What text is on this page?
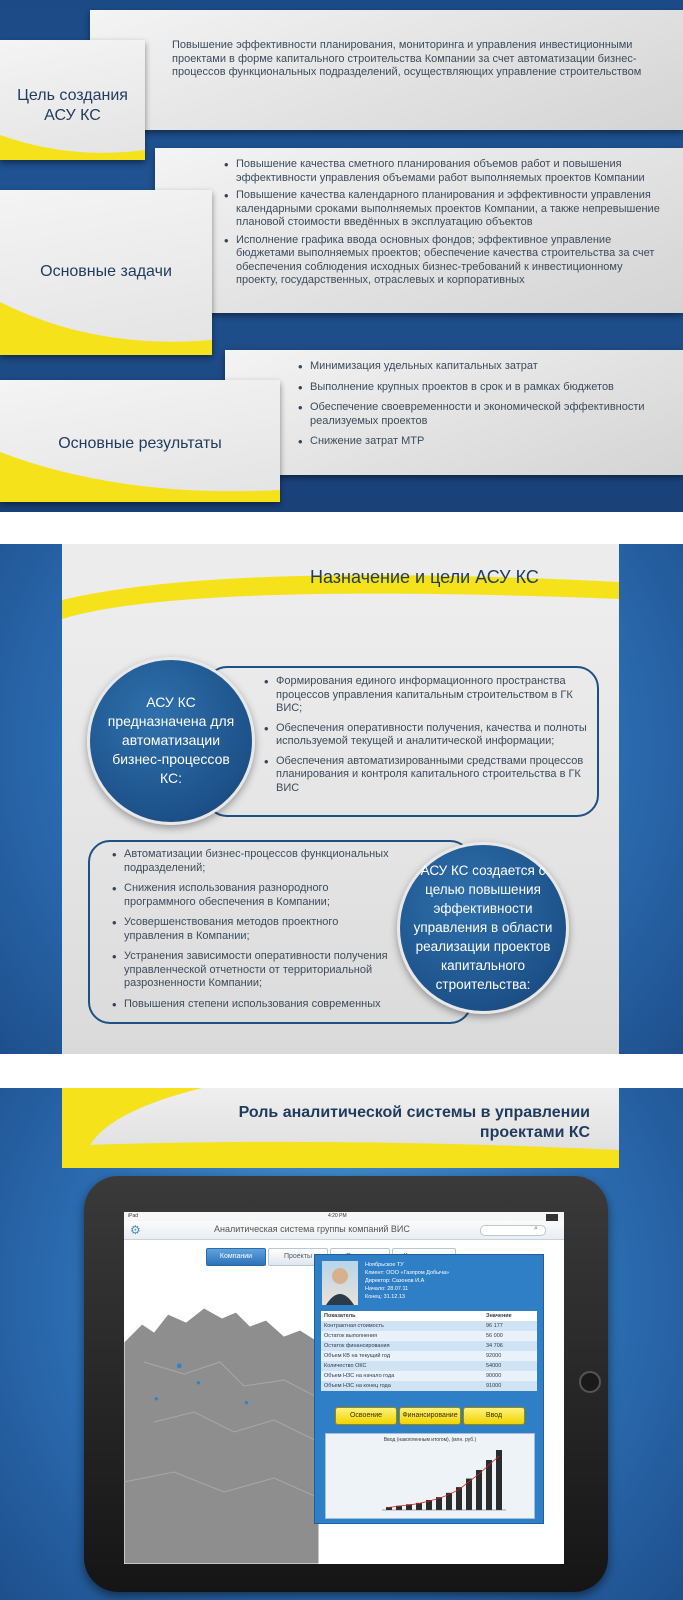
Повышение эффективности планирования, мониторинга и управления инвестиционными проектами в форме капитального строительства Компании за счет автоматизации бизнес-процессов функциональных подразделений, осуществляющих управление строительством
Цель создания АСУ КС
• Повышение качества сметного планирования объемов работ и повышения эффективности управления объемами работ выполняемых проектов Компании
• Повышение качества календарного планирования и эффективности управления календарными сроками выполняемых проектов Компании, а также непревышение плановой стоимости введённых в эксплуатацию объектов
• Исполнение графика ввода основных фондов; эффективное управление бюджетами выполняемых проектов; обеспечение качества строительства за счет обеспечения соблюдения исходных бизнес-требований к инвестиционному проекту, государственных, отраслевых и корпоративных
Основные задачи
• Минимизация удельных капитальных затрат
• Выполнение крупных проектов в срок и в рамках бюджетов
• Обеспечение своевременности и экономической эффективности реализуемых проектов
• Снижение затрат МТР
Основные результаты
Назначение и цели АСУ КС
• Формирования единого информационного пространства процессов управления капитальным строительством в ГК ВИС;
• Обеспечения оперативности получения, качества и полноты используемой текущей и аналитической информации;
• Обеспечения автоматизированными средствами процессов планирования и контроля капитального строительства в ГК ВИС
АСУ КС предназначена для автоматизации бизнес-процессов КС:
• Автоматизации бизнес-процессов функциональных подразделений;
• Снижения использования разнородного программного обеспечения в Компании;
• Усовершенствования методов проектного управления в Компании;
• Устранения зависимости оперативности получения управленческой отчетности от территориальной разрозненности Компании;
• Повышения степени использования современных
АСУ КС создается с целью повышения эффективности управления в области реализации проектов капитального строительства:
Роль аналитической системы в управлении
проектами КС
iPad	4:20 PM
⚙	Аналитическая система группы компаний ВИС	⌕
Компании	Проекты
●
●
●	●
Ноябрьское ТУ
Клиент: ООО «Газпром Добыча»
Директор: Сазонов И.А
Начало: 28.07.11
Конец: 31.12.13
Показатель	Значение
Контрактная стоимость	96 177
Остаток выполнения	56 000
Остаток финансирования	34 706
Объем КВ на текущий год	92000
Количество ОКС	54000
Объем НЗС на начало года	90000
Объем НЗС на конец года	91000
Освоение	Финансирование	Ввод
Ввод (накопленным итогом), (млн. руб.)
